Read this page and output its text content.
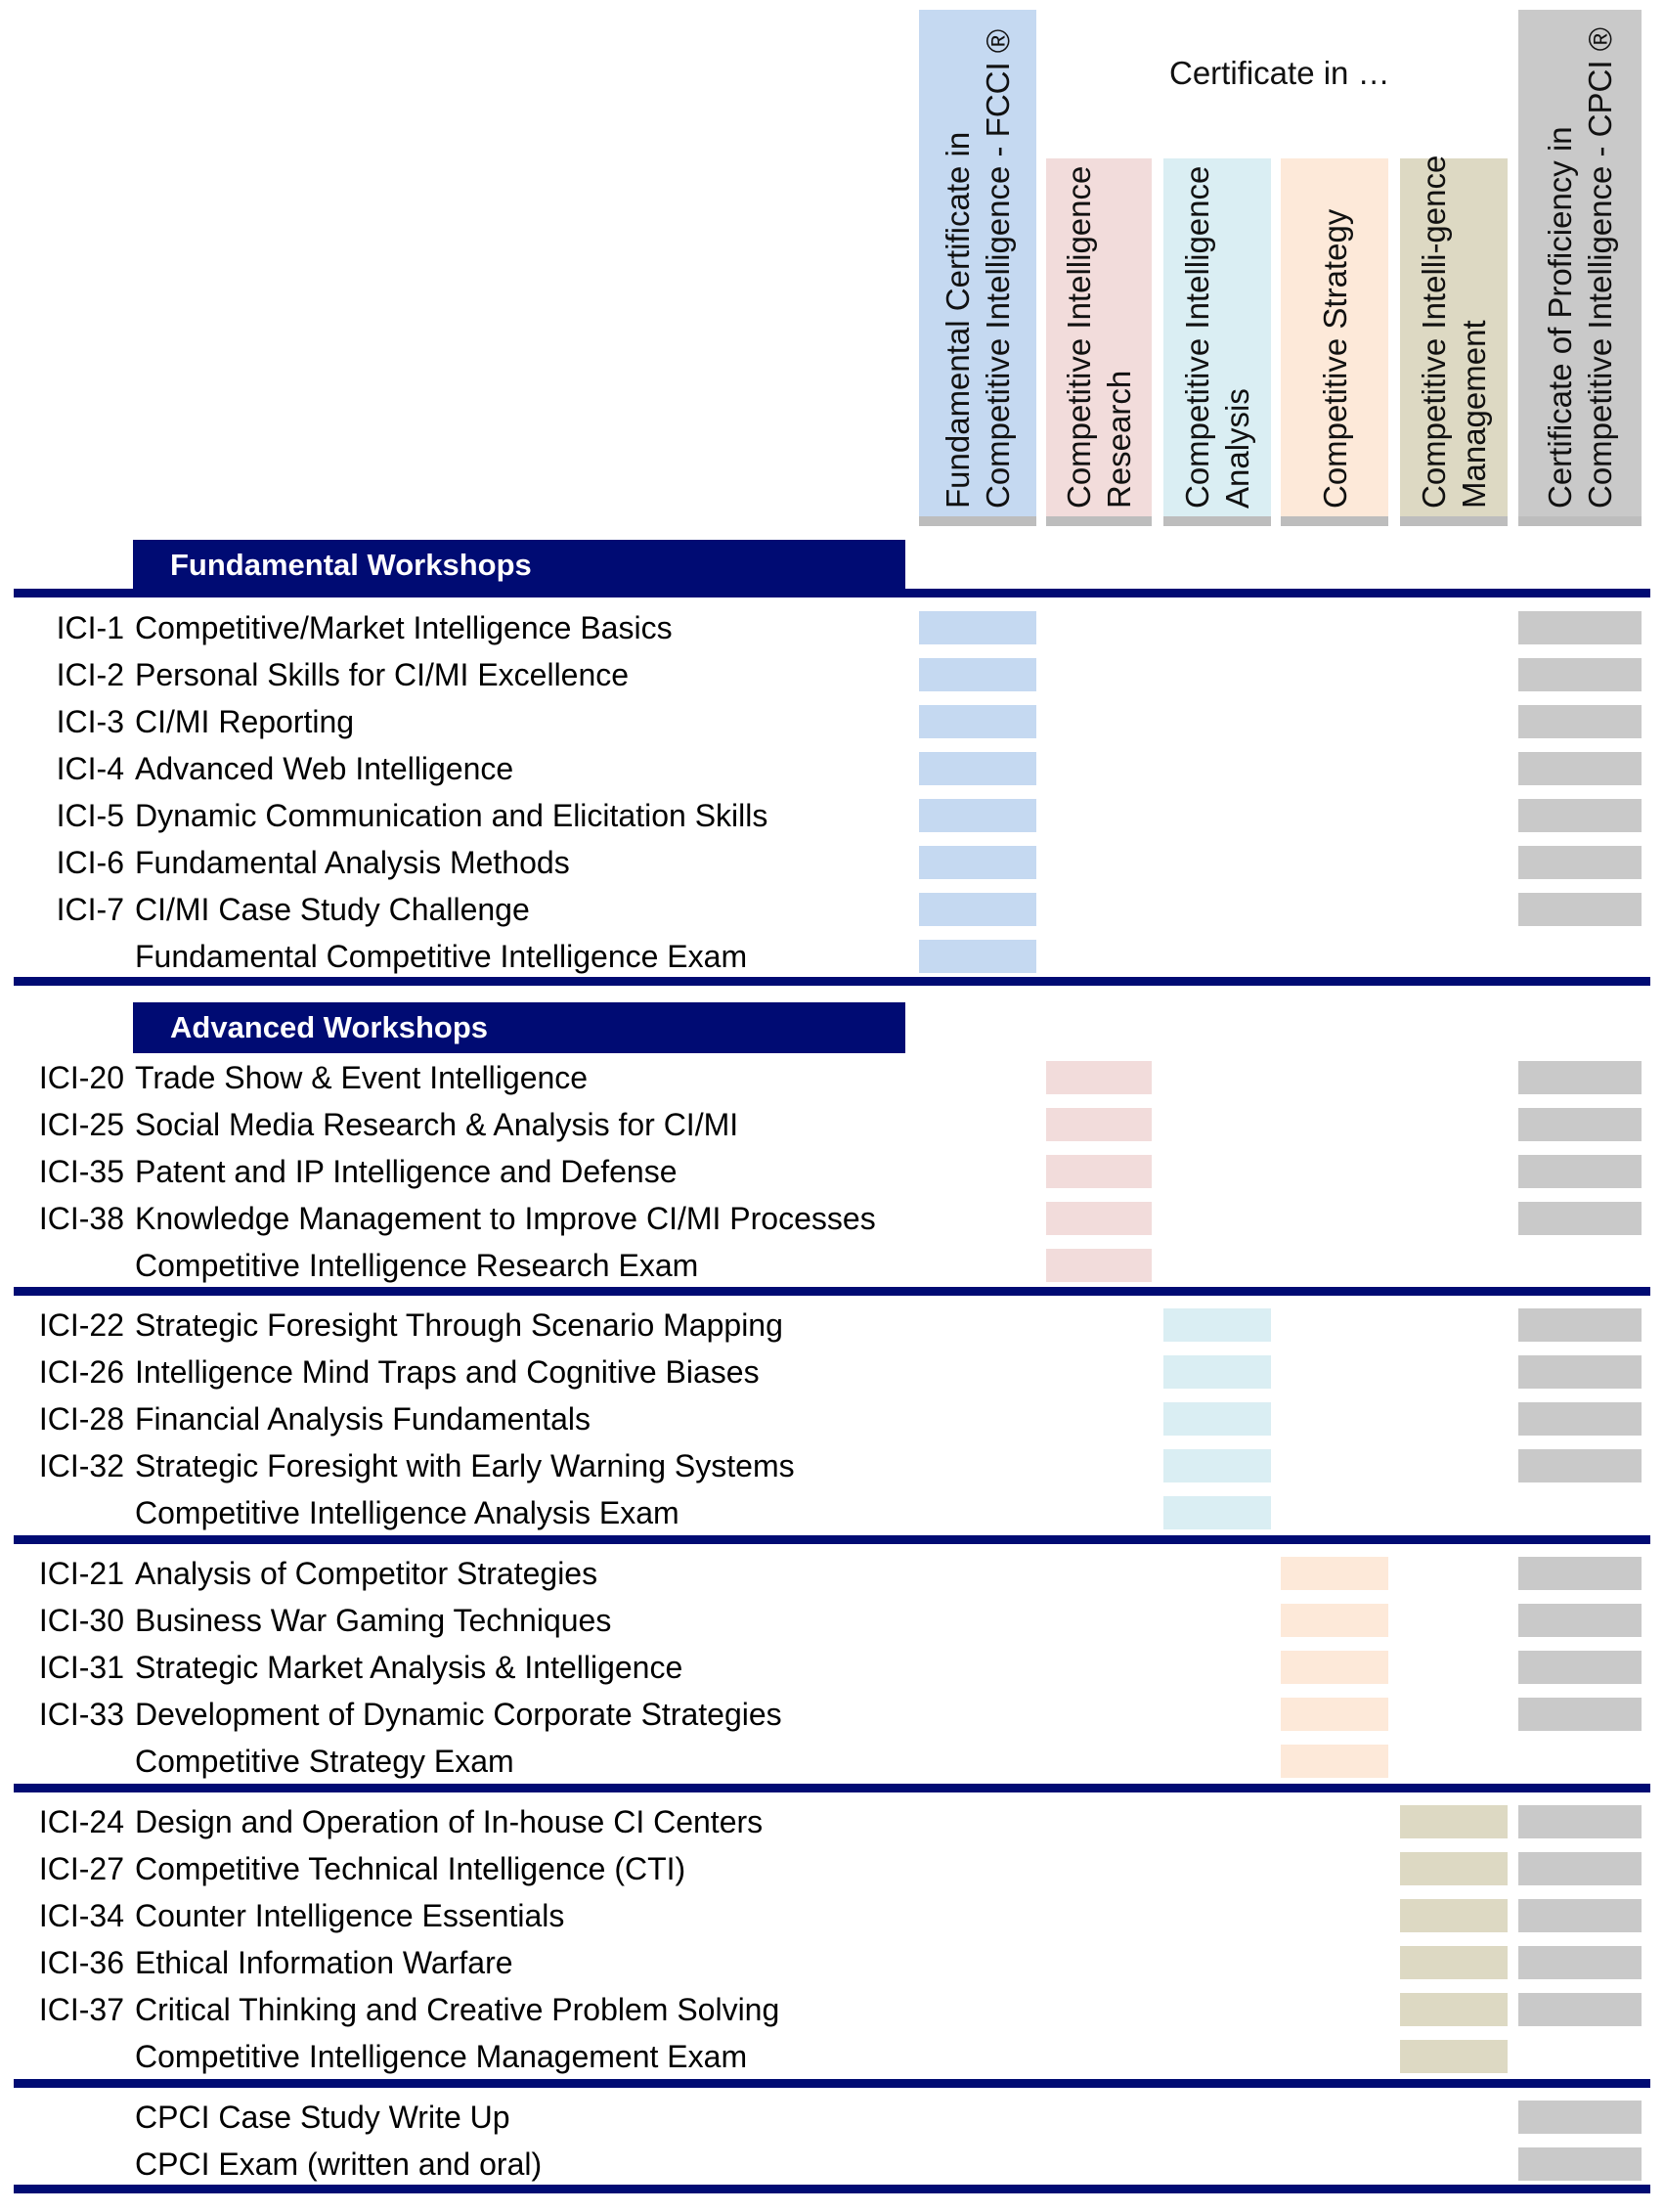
Fundamental Certificate in Competitive Intelligence - FCCI ® Competitive Intelligence Research Competitive Intelligence Analysis Competitive Strategy Competitive Intelli-gence Management Certificate of Proficiency in Competitive Intelligence - CPCI ®
Certificate in …
Fundamental Workshops
Advanced Workshops
ICI-1 Competitive/Market Intelligence Basics
ICI-2 Personal Skills for CI/MI Excellence
ICI-3 CI/MI Reporting
ICI-4 Advanced Web Intelligence
ICI-5 Dynamic Communication and Elicitation Skills
ICI-6 Fundamental Analysis Methods
ICI-7 CI/MI Case Study Challenge
Fundamental Competitive Intelligence Exam
ICI-20 Trade Show & Event Intelligence
ICI-25 Social Media Research & Analysis for CI/MI
ICI-35 Patent and IP Intelligence and Defense
ICI-38 Knowledge Management to Improve CI/MI Processes
Competitive Intelligence Research Exam
ICI-22 Strategic Foresight Through Scenario Mapping
ICI-26 Intelligence Mind Traps and Cognitive Biases
ICI-28 Financial Analysis Fundamentals
ICI-32 Strategic Foresight with Early Warning Systems
Competitive Intelligence Analysis Exam
ICI-21 Analysis of Competitor Strategies
ICI-30 Business War Gaming Techniques
ICI-31 Strategic Market Analysis & Intelligence
ICI-33 Development of Dynamic Corporate Strategies
Competitive Strategy Exam
ICI-24 Design and Operation of In-house CI Centers
ICI-27 Competitive Technical Intelligence (CTI)
ICI-34 Counter Intelligence Essentials
ICI-36 Ethical Information Warfare
ICI-37 Critical Thinking and Creative Problem Solving
Competitive Intelligence Management Exam
CPCI Case Study Write Up
CPCI Exam (written and oral)
